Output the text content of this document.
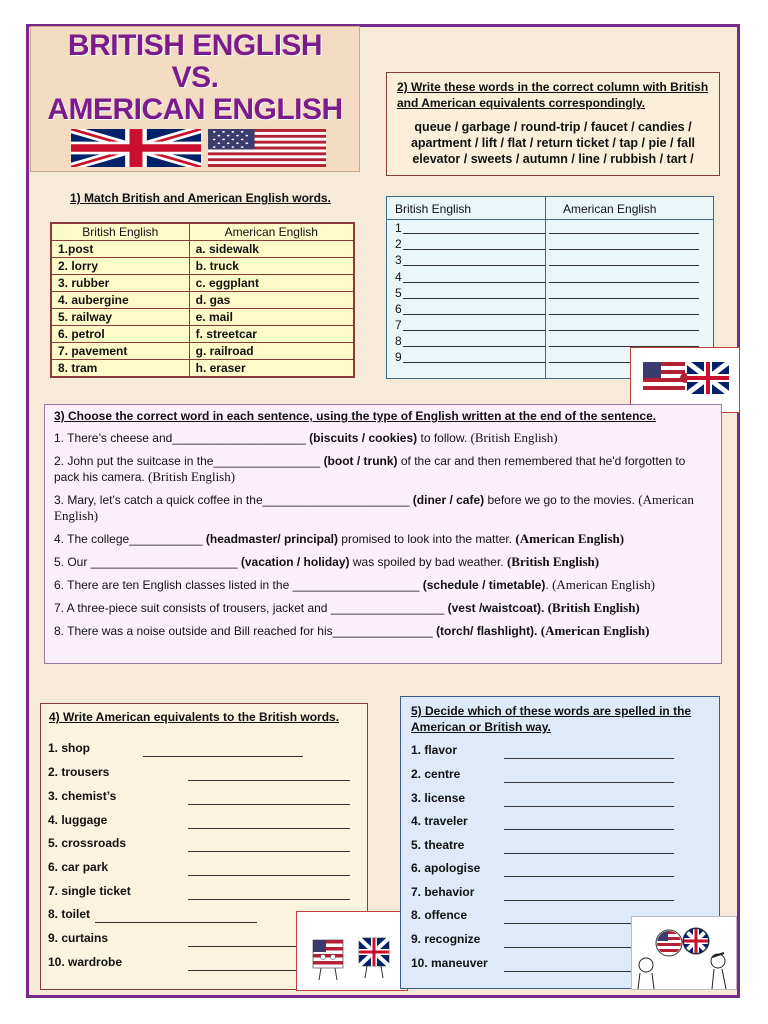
BRITISH ENGLISH
VS.
AMERICAN ENGLISH
2) Write these words in the correct column with British and American equivalents correspondingly.
queue / garbage / round-trip / faucet / candies / apartment / lift / flat / return ticket / tap / pie / fall elevator / sweets / autumn / line / rubbish / tart /
1) Match British and American English words.
British English	American English
1.post	a. sidewalk
2. lorry	b. truck
3. rubber	c. eggplant
4. aubergine	d. gas
5. railway	e. mail
6. petrol	f. streetcar
7. pavement	g. railroad
8. tram	h. eraser
British English	American English
1
2
3
4
5
6
7
8
9
3) Choose the correct word in each sentence, using the type of English written at the end of the sentence.
1. There’s cheese and____________________ (biscuits / cookies) to follow. (British English)
2. John put the suitcase in the________________ (boot / trunk) of the car and then remembered that he'd forgotten to pack his camera. (British English)
3. Mary, let's catch a quick coffee in the______________________ (diner / cafe) before we go to the movies. (American English)
4. The college___________ (headmaster/ principal) promised to look into the matter. (American English)
5. Our ______________________ (vacation / holiday) was spoiled by bad weather. (British English)
6. There are ten English classes listed in the ___________________ (schedule / timetable). (American English)
7. A three-piece suit consists of trousers, jacket and _________________ (vest /waistcoat). (British English)
8. There was a noise outside and Bill reached for his_______________ (torch/ flashlight). (American English)
4) Write American equivalents to the British words.
1. shop
2. trousers
3. chemist’s
4. luggage
5. crossroads
6. car park
7. single ticket
8. toilet
9. curtains
10. wardrobe
5) Decide which of these words are spelled in the American or British way.
1. flavor
2. centre
3. license
4. traveler
5. theatre
6. apologise
7. behavior
8. offence
9. recognize
10. maneuver
